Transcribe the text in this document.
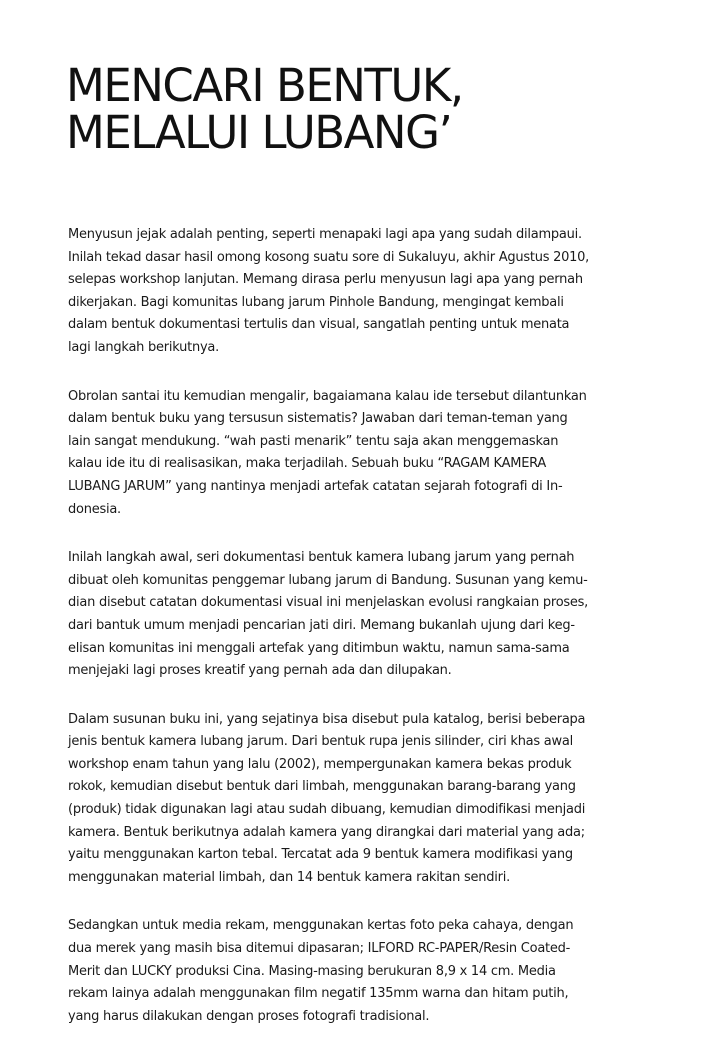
MENCARI BENTUK,
MELALUI LUBANG’

Menyusun jejak adalah penting, seperti menapaki lagi apa yang sudah dilampaui.
Inilah tekad dasar hasil omong kosong suatu sore di Sukaluyu, akhir Agustus 2010,
selepas workshop lanjutan. Memang dirasa perlu menyusun lagi apa yang pernah
dikerjakan. Bagi komunitas lubang jarum Pinhole Bandung, mengingat kembali
dalam bentuk dokumentasi tertulis dan visual, sangatlah penting untuk menata
lagi langkah berikutnya.

Obrolan santai itu kemudian mengalir, bagaiamana kalau ide tersebut dilantunkan
dalam bentuk buku yang tersusun sistematis? Jawaban dari teman-teman yang
lain sangat mendukung. “wah pasti menarik” tentu saja akan menggemaskan
kalau ide itu di realisasikan, maka terjadilah. Sebuah buku “RAGAM KAMERA
LUBANG JARUM” yang nantinya menjadi artefak catatan sejarah fotografi di In-
donesia.

Inilah langkah awal, seri dokumentasi bentuk kamera lubang jarum yang pernah
dibuat oleh komunitas penggemar lubang jarum di Bandung. Susunan yang kemu-
dian disebut catatan dokumentasi visual ini menjelaskan evolusi rangkaian proses,
dari bantuk umum menjadi pencarian jati diri. Memang bukanlah ujung dari keg-
elisan komunitas ini menggali artefak yang ditimbun waktu, namun sama-sama
menjejaki lagi proses kreatif yang pernah ada dan dilupakan.

Dalam susunan buku ini, yang sejatinya bisa disebut pula katalog, berisi beberapa
jenis bentuk kamera lubang jarum. Dari bentuk rupa jenis silinder, ciri khas awal
workshop enam tahun yang lalu (2002), mempergunakan kamera bekas produk
rokok, kemudian disebut bentuk dari limbah, menggunakan barang-barang yang
(produk) tidak digunakan lagi atau sudah dibuang, kemudian dimodifikasi menjadi
kamera. Bentuk berikutnya adalah kamera yang dirangkai dari material yang ada;
yaitu menggunakan karton tebal. Tercatat ada 9 bentuk kamera modifikasi yang
menggunakan material limbah, dan 14 bentuk kamera rakitan sendiri.

Sedangkan untuk media rekam, menggunakan kertas foto peka cahaya, dengan
dua merek yang masih bisa ditemui dipasaran; ILFORD RC-PAPER/Resin Coated-
Merit dan LUCKY produksi Cina. Masing-masing berukuran 8,9 x 14 cm. Media
rekam lainya adalah menggunakan film negatif 135mm warna dan hitam putih,
yang harus dilakukan dengan proses fotografi tradisional.
